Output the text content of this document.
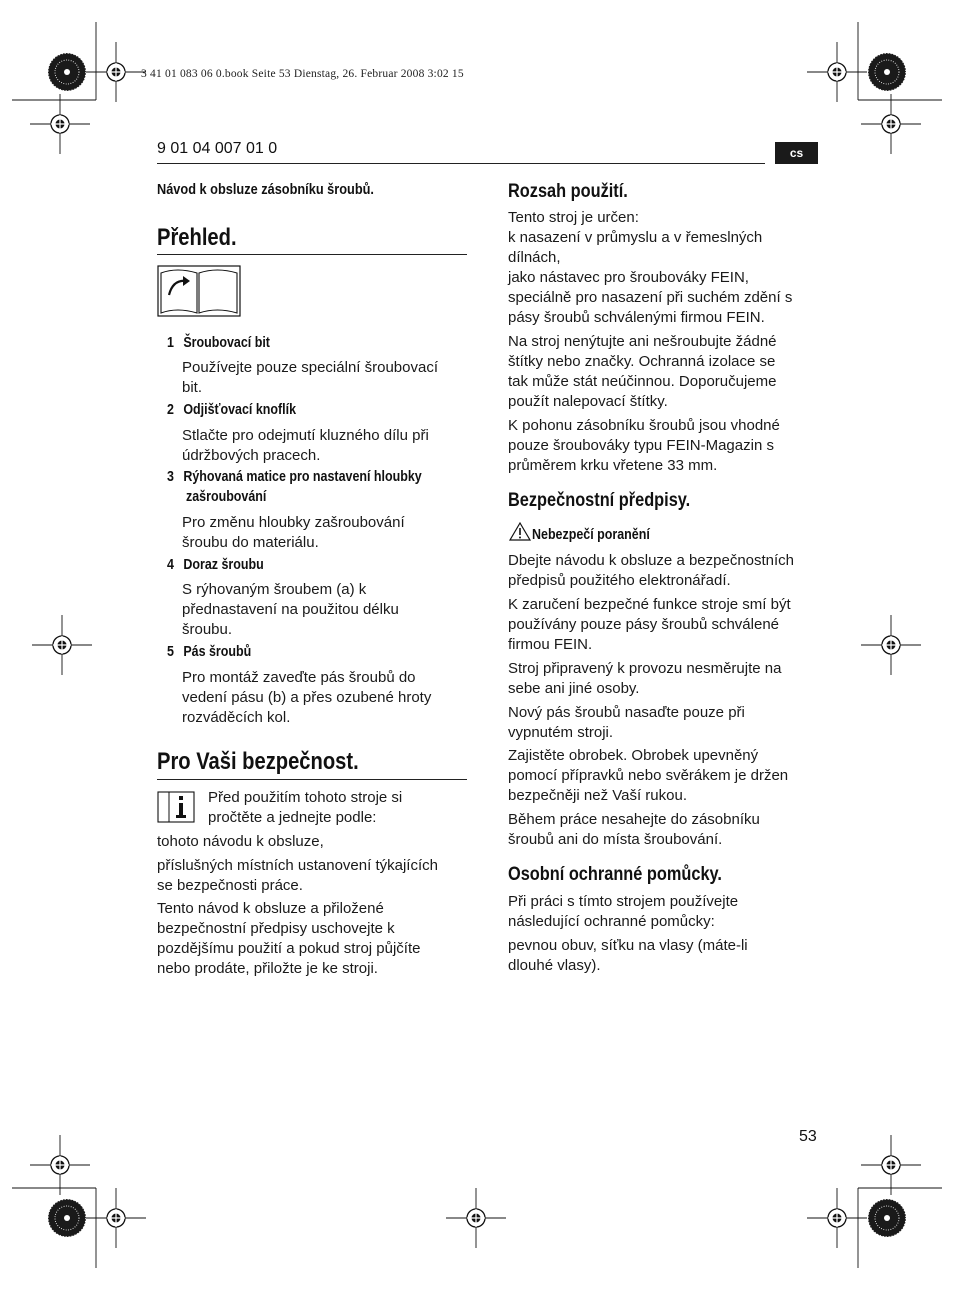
3 41 01 083 06 0.book Seite 53 Dienstag, 26. Februar 2008 3:02 15
9 01 04 007 01 0	cs
Návod k obsluze zásobníku šroubů.
Přehled.
1 Šroubovací bit
Používejte pouze speciální šroubovací
bit.
2 Odjišťovací knoflík
Stlačte pro odejmutí kluzného dílu při
údržbových pracech.
3 Rýhovaná matice pro nastavení hloubky
zašroubování
Pro změnu hloubky zašroubování
šroubu do materiálu.
4 Doraz šroubu
S rýhovaným šroubem (a) k
přednastavení na použitou délku
šroubu.
5 Pás šroubů
Pro montáž zaveďte pás šroubů do
vedení pásu (b) a přes ozubené hroty
rozváděcích kol.
Pro Vaši bezpečnost.
Před použitím tohoto stroje si
pročtěte a jednejte podle:
tohoto návodu k obsluze,
příslušných místních ustanovení týkajících
se bezpečnosti práce.
Tento návod k obsluze a přiložené
bezpečnostní předpisy uschovejte k
pozdějšímu použití a pokud stroj půjčíte
nebo prodáte, přiložte je ke stroji.
Rozsah použití.
Tento stroj je určen:
k nasazení v průmyslu a v řemeslných
dílnách,
jako nástavec pro šroubováky FEIN,
speciálně pro nasazení při suchém zdění s
pásy šroubů schválenými firmou FEIN.
Na stroj nenýtujte ani nešroubujte žádné
štítky nebo značky. Ochranná izolace se
tak může stát neúčinnou. Doporučujeme
použít nalepovací štítky.
K pohonu zásobníku šroubů jsou vhodné
pouze šroubováky typu FEIN-Magazin s
průměrem krku vřetene 33 mm.
Bezpečnostní předpisy.
Nebezpečí poranění
Dbejte návodu k obsluze a bezpečnostních
předpisů použitého elektronářadí.
K zaručení bezpečné funkce stroje smí být
používány pouze pásy šroubů schválené
firmou FEIN.
Stroj připravený k provozu nesměrujte na
sebe ani jiné osoby.
Nový pás šroubů nasaďte pouze při
vypnutém stroji.
Zajistěte obrobek. Obrobek upevněný
pomocí přípravků nebo svěrákem je držen
bezpečněji než Vaší rukou.
Během práce nesahejte do zásobníku
šroubů ani do místa šroubování.
Osobní ochranné pomůcky.
Při práci s tímto strojem používejte
následující ochranné pomůcky:
pevnou obuv, síťku na vlasy (máte-li
dlouhé vlasy).
53
